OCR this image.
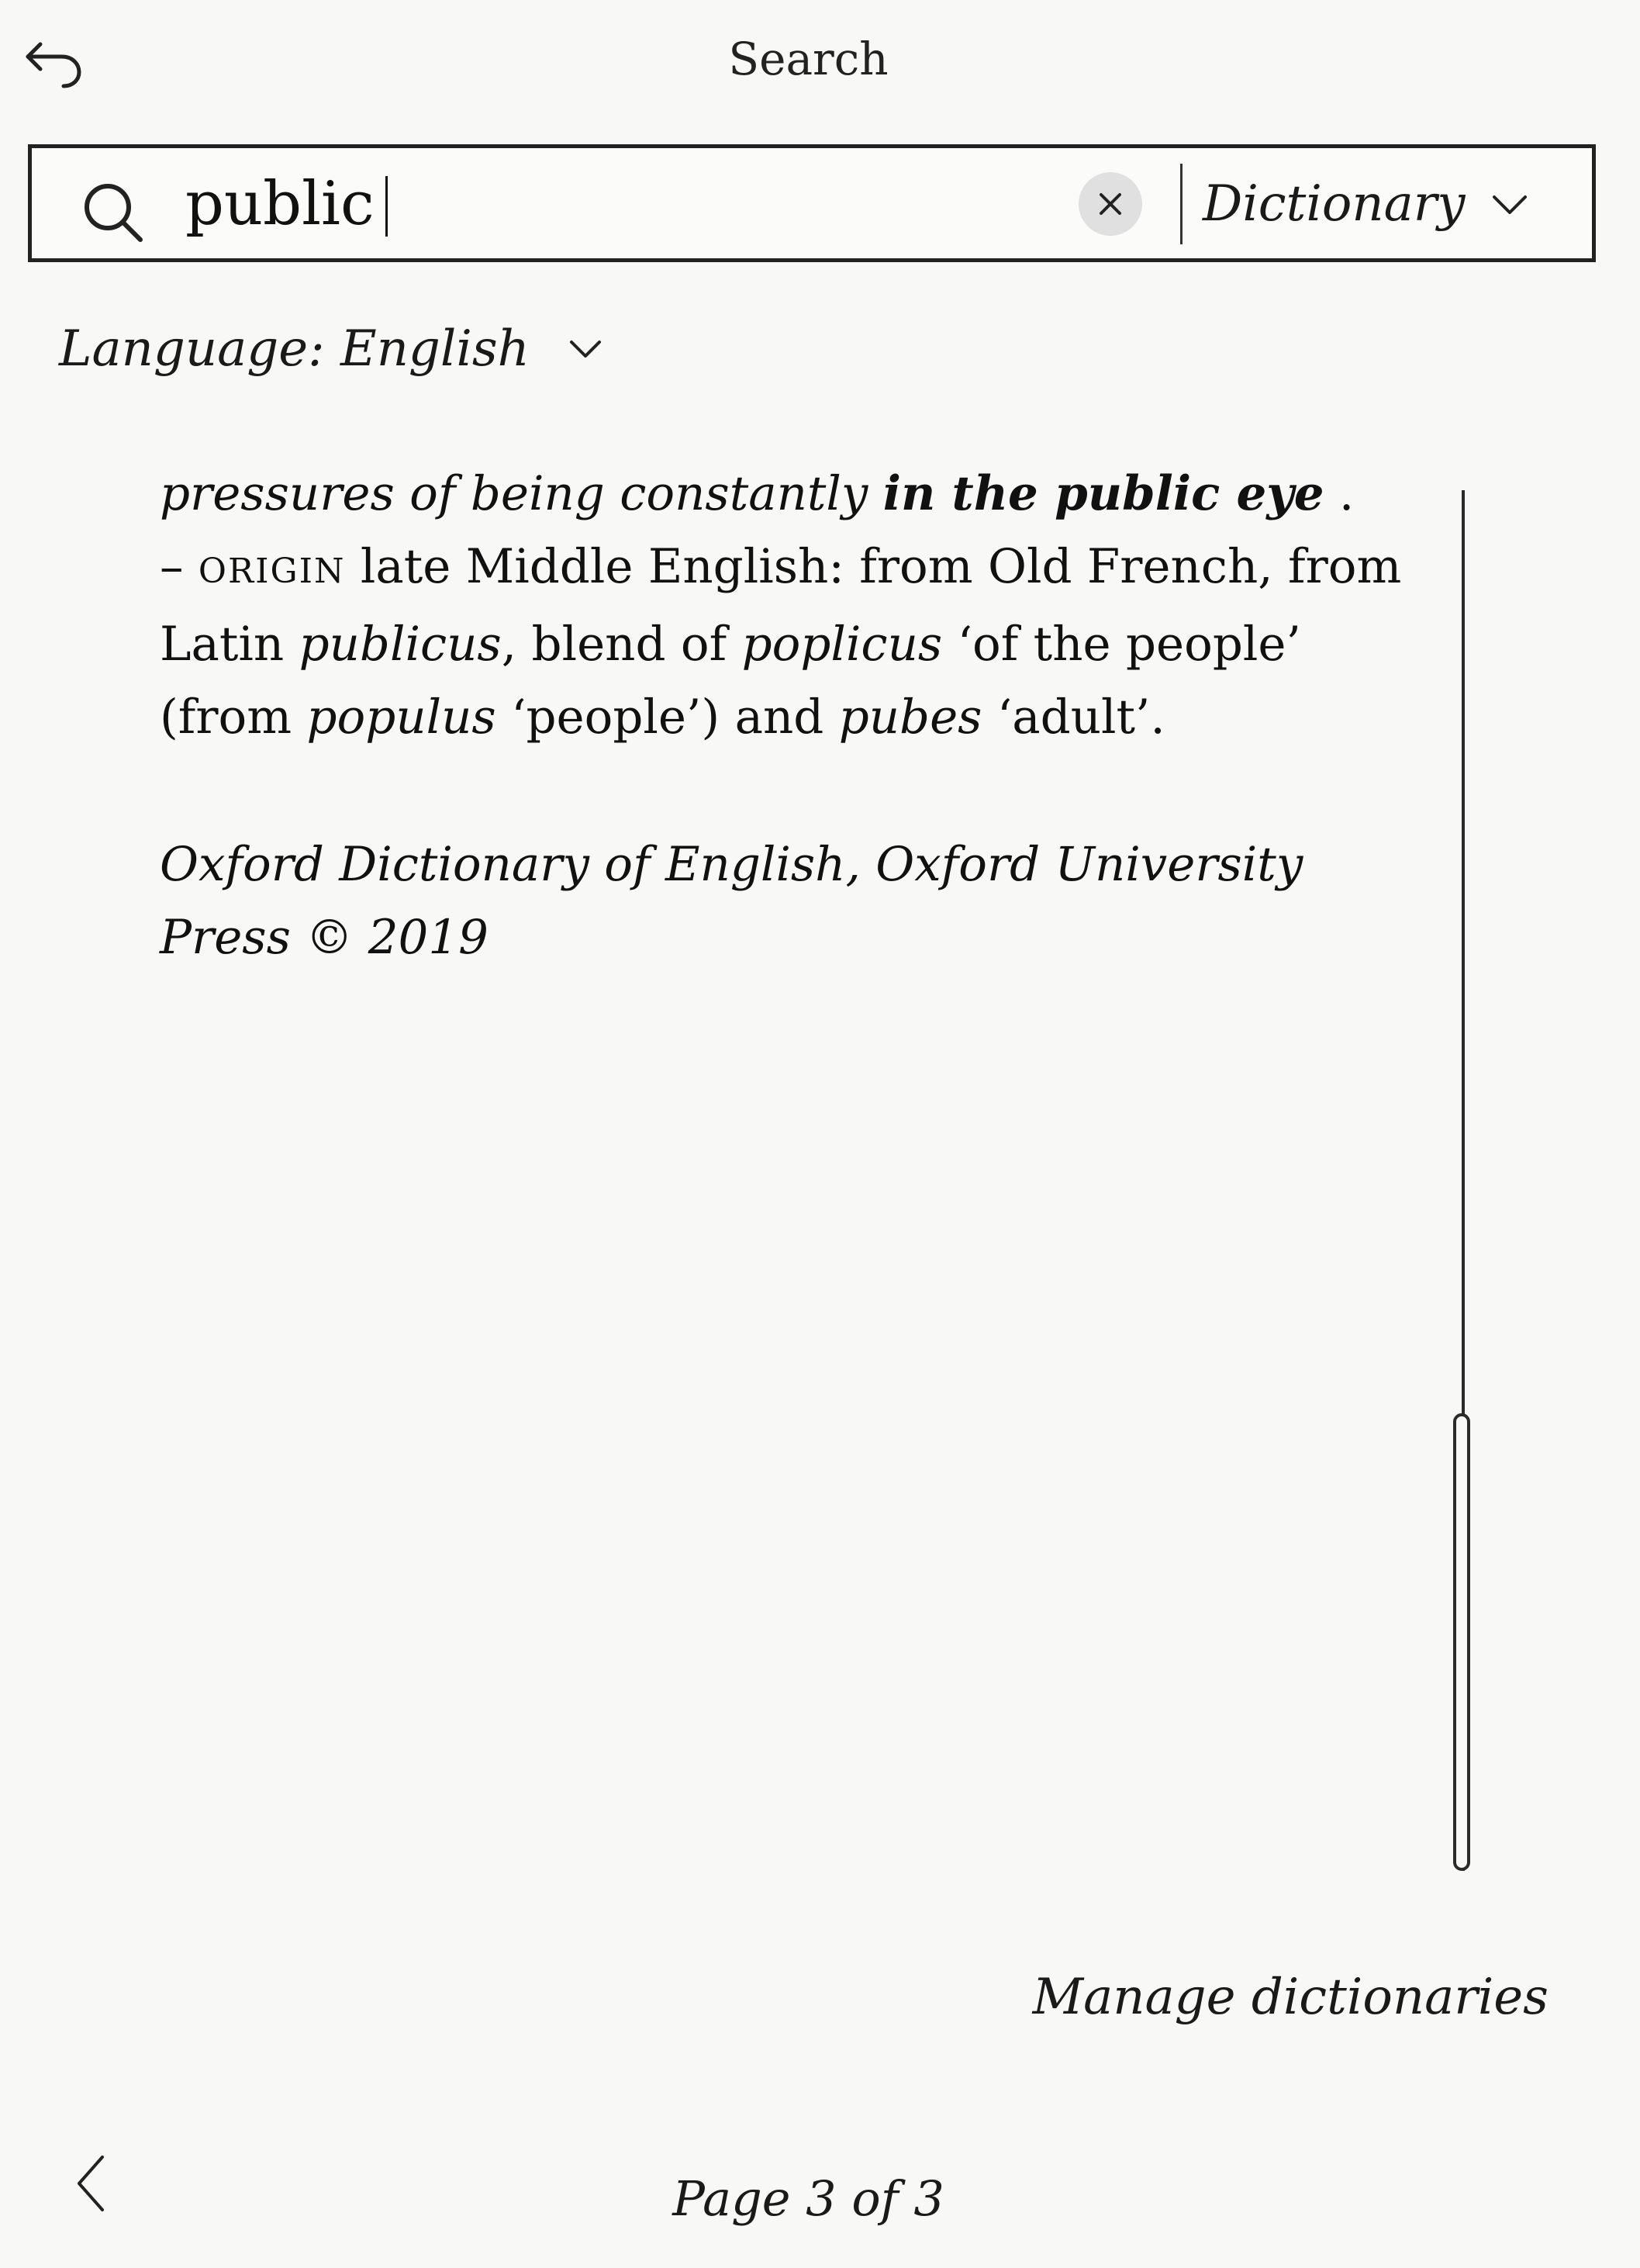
Search
public
Dictionary
Language: English

pressures of being constantly in the public eye .

– ORIGIN late Middle English: from Old French, from Latin publicus, blend of poplicus ‘of the people’ (from populus ‘people’) and pubes ‘adult’.

Oxford Dictionary of English, Oxford University Press © 2019
Manage dictionaries
Page 3 of 3
